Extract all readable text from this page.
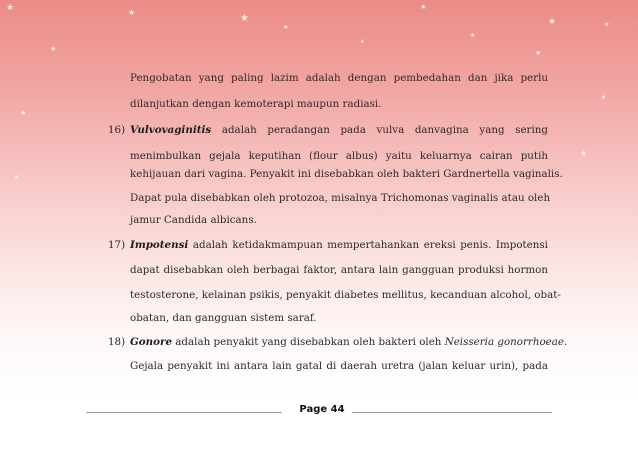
★
★
★
★
★
★
★
★	★
★
★
★
★
★
★
Pengobatan yang paling lazim adalah dengan pembedahan dan jika perlu
dilanjutkan dengan kemoterapi maupun radiasi.
16) Vulvovaginitis adalah peradangan pada vulva danvagina yang sering
menimbulkan gejala keputihan (flour albus) yaitu keluarnya cairan putih
kehijauan dari vagina. Penyakit ini disebabkan oleh bakteri Gardnertella vaginalis.
Dapat pula disebabkan oleh protozoa, misalnya Trichomonas vaginalis atau oleh
jamur Candida albicans.
17) Impotensi adalah ketidakmampuan mempertahankan ereksi penis. Impotensi
dapat disebabkan oleh berbagai faktor, antara lain gangguan produksi hormon
testosterone, kelainan psikis, penyakit diabetes mellitus, kecanduan alcohol, obat-
obatan, dan gangguan sistem saraf.
18) Gonore adalah penyakit yang disebabkan oleh bakteri oleh Neisseria gonorrhoeae.
Gejala penyakit ini antara lain gatal di daerah uretra (jalan keluar urin), pada
Page 44
